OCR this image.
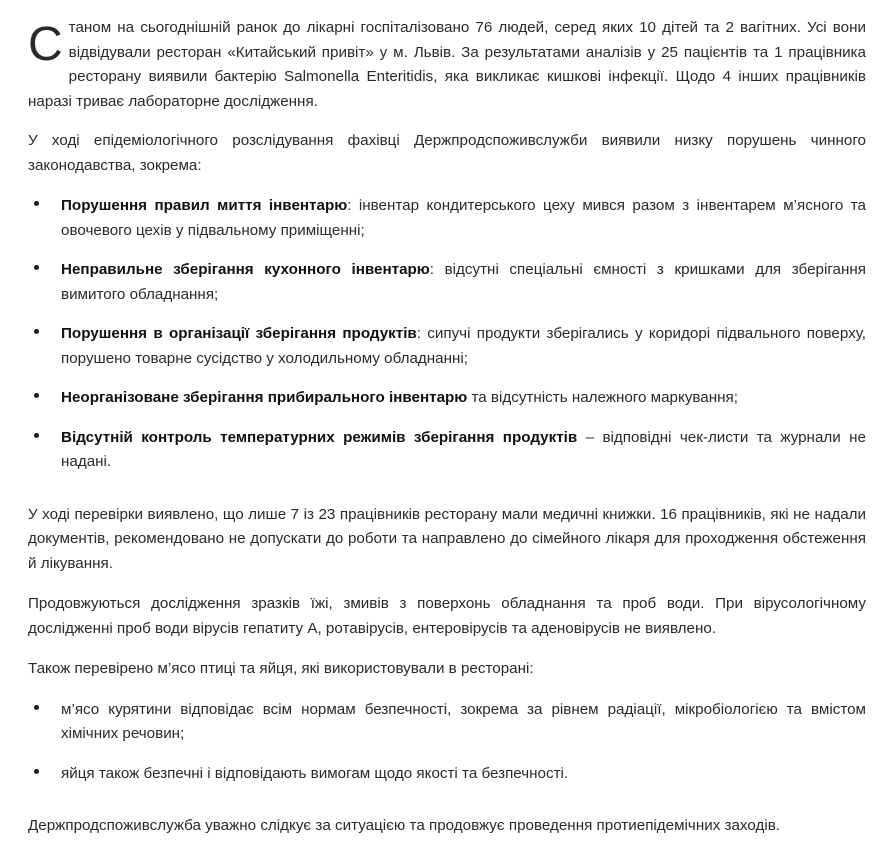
Станом на сьогоднішній ранок до лікарні госпіталізовано 76 людей, серед яких 10 дітей та 2 вагітних. Усі вони відвідували ресторан «Китайський привіт» у м. Львів. За результатами аналізів у 25 пацієнтів та 1 працівника ресторану виявили бактерію Salmonella Enteritidis, яка викликає кишкові інфекції. Щодо 4 інших працівників наразі триває лабораторне дослідження.

У ході епідеміологічного розслідування фахівці Держпродспоживслужби виявили низку порушень чинного законодавства, зокрема:

Порушення правил миття інвентарю: інвентар кондитерського цеху мився разом з інвентарем м’ясного та овочевого цехів у підвальному приміщенні;
Неправильне зберігання кухонного інвентарю: відсутні спеціальні ємності з кришками для зберігання вимитого обладнання;
Порушення в організації зберігання продуктів: сипучі продукти зберігались у коридорі підвального поверху, порушено товарне сусідство у холодильному обладнанні;
Неорганізоване зберігання прибирального інвентарю та відсутність належного маркування;
Відсутній контроль температурних режимів зберігання продуктів – відповідні чек-листи та журнали не надані.

У ході перевірки виявлено, що лише 7 із 23 працівників ресторану мали медичні книжки. 16 працівників, які не надали документів, рекомендовано не допускати до роботи та направлено до сімейного лікаря для проходження обстеження й лікування.

Продовжуються дослідження зразків їжі, змивів з поверхонь обладнання та проб води. При вірусологічному дослідженні проб води вірусів гепатиту А, ротавірусів, ентеровірусів та аденовірусів не виявлено.

Також перевірено м’ясо птиці та яйця, які використовували в ресторані:

м’ясо курятини відповідає всім нормам безпечності, зокрема за рівнем радіації, мікробіологією та вмістом хімічних речовин;
яйця також безпечні і відповідають вимогам щодо якості та безпечності.

Держпродспоживслужба уважно слідкує за ситуацією та продовжує проведення протиепідемічних заходів.
